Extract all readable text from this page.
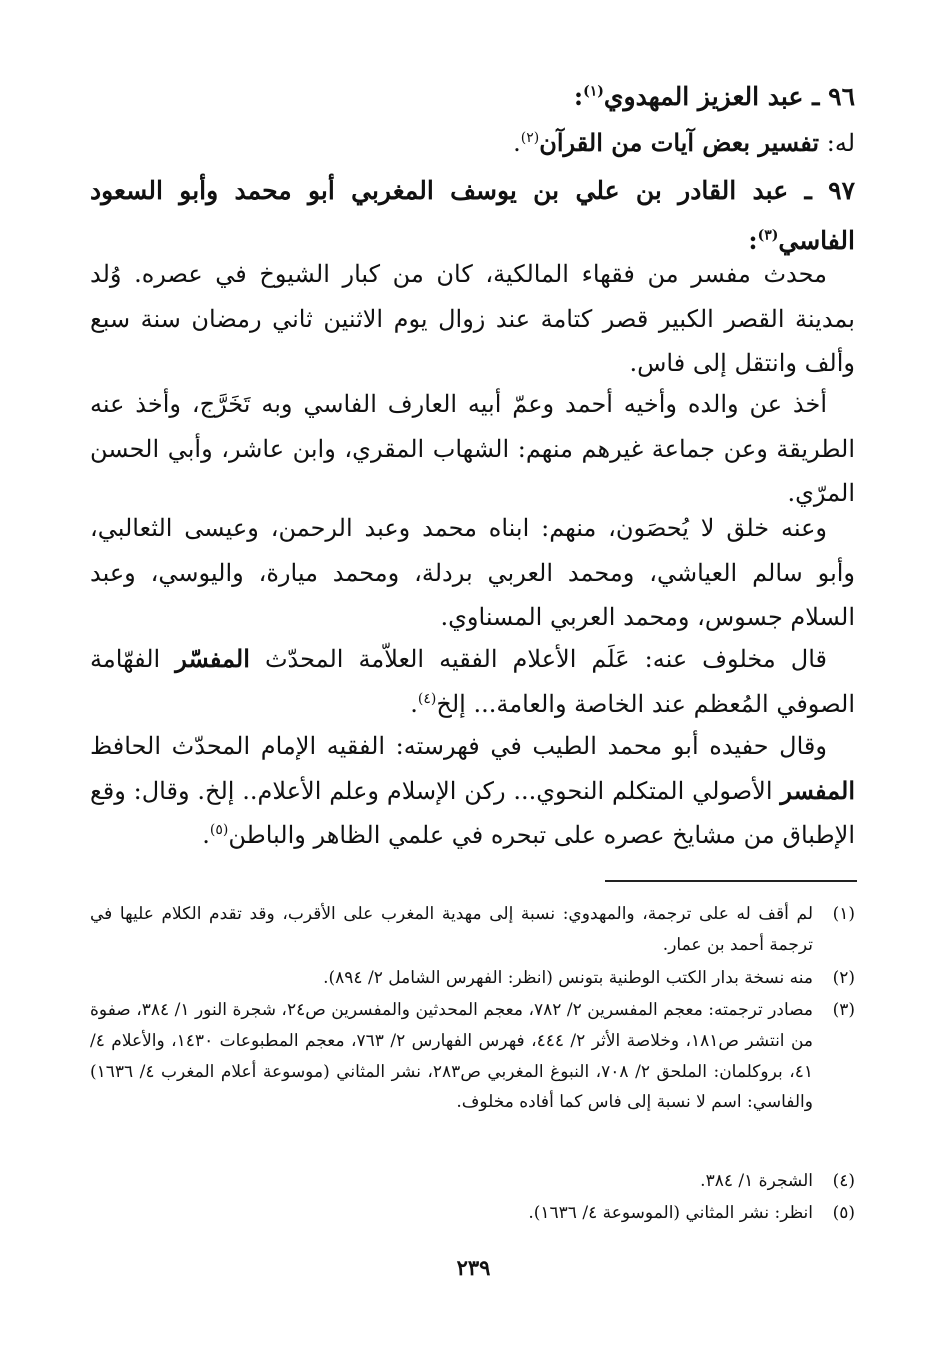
٩٦ ـ عبد العزيز المهدوي$^{(١)}$:
له: تفسير بعض آيات من القرآن$^{(٢)}$.
٩٧ ـ عبد القادر بن علي بن يوسف المغربي أبو محمد وأبو السعود الفاسي$^{(٣)}$:
محدث مفسر من فقهاء المالكية، كان من كبار الشيوخ في عصره. وُلد بمدينة القصر الكبير قصر كتامة عند زوال يوم الاثنين ثاني رمضان سنة سبع وألف وانتقل إلى فاس.
أخذ عن والده وأخيه أحمد وعمّ أبيه العارف الفاسي وبه تَخَرَّج، وأخذ عنه الطريقة وعن جماعة غيرهم منهم: الشهاب المقري، وابن عاشر، وأبي الحسن المرّي.
وعنه خلق لا يُحصَون، منهم: ابناه محمد وعبد الرحمن، وعيسى الثعالبي، وأبو سالم العياشي، ومحمد العربي بردلة، ومحمد ميارة، واليوسي، وعبد السلام جسوس، ومحمد العربي المسناوي.
قال مخلوف عنه: عَلَم الأعلام الفقيه العلاّمة المحدّث المفسّر الفهّامة الصوفي المُعظم عند الخاصة والعامة... إلخ$^{(٤)}$.
وقال حفيده أبو محمد الطيب في فهرسته: الفقيه الإمام المحدّث الحافظ المفسر الأصولي المتكلم النحوي... ركن الإسلام وعلم الأعلام.. إلخ. وقال: وقع الإطباق من مشايخ عصره على تبحره في علمي الظاهر والباطن$^{(٥)}$.
(١)
لم أقف له على ترجمة، والمهدوي: نسبة إلى مهدية المغرب على الأقرب، وقد تقدم الكلام عليها في ترجمة أحمد بن عمار.
(٢)
منه نسخة بدار الكتب الوطنية بتونس (انظر: الفهرس الشامل ٢/ ٨٩٤).
(٣)
مصادر ترجمته: معجم المفسرين ٢/ ٧٨٢، معجم المحدثين والمفسرين ص٢٤، شجرة النور ١/ ٣٨٤، صفوة من انتشر ص١٨١، وخلاصة الأثر ٢/ ٤٤٤، فهرس الفهارس ٢/ ٧٦٣، معجم المطبوعات ١٤٣٠، والأعلام ٤/ ٤١، بروكلمان: الملحق ٢/ ٧٠٨، النبوغ المغربي ص٢٨٣، نشر المثاني (موسوعة أعلام المغرب ٤/ ١٦٣٦) والفاسي: اسم لا نسبة إلى فاس كما أفاده مخلوف.
(٤)
الشجرة ١/ ٣٨٤.
(٥)
انظر: نشر المثاني (الموسوعة ٤/ ١٦٣٦).
٢٣٩
